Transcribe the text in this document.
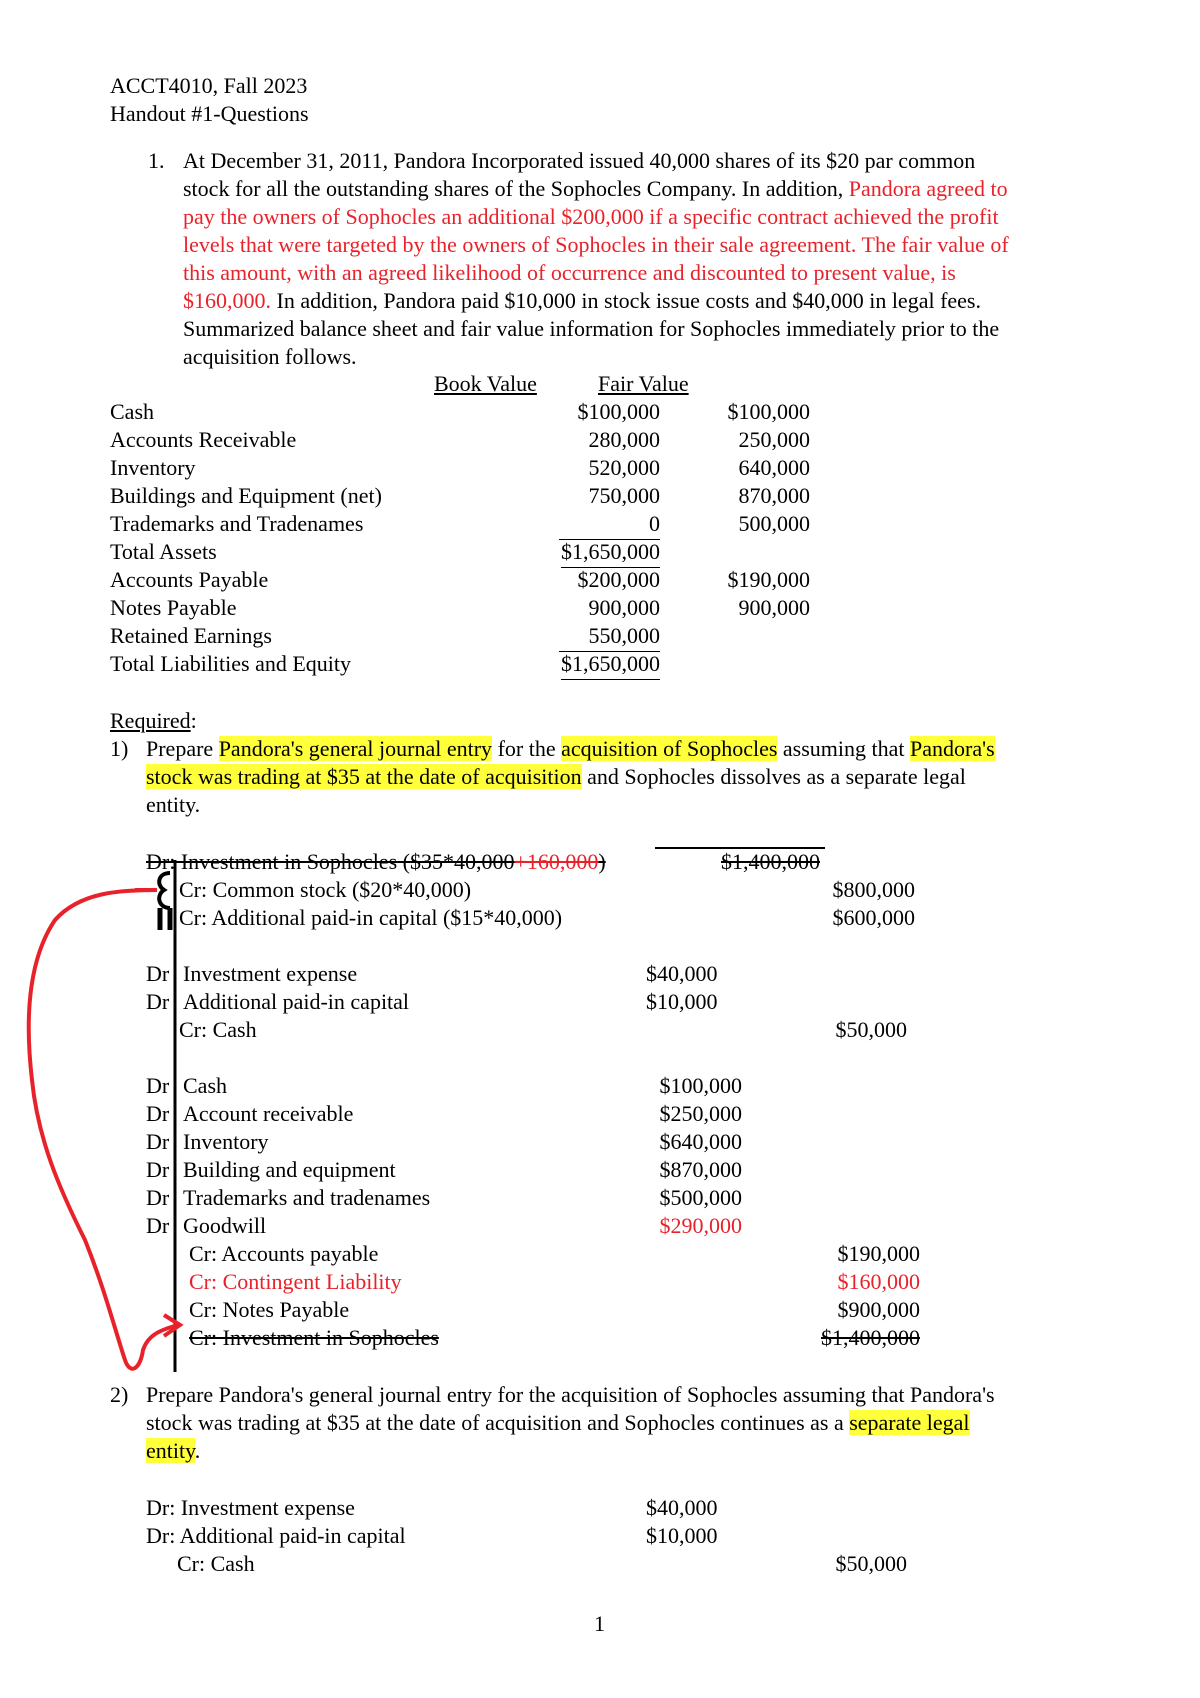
ACCT4010, Fall 2023
Handout #1-Questions
1. At December 31, 2011, Pandora Incorporated issued 40,000 shares of its $20 par common
stock for all the outstanding shares of the Sophocles Company. In addition, Pandora agreed to
pay the owners of Sophocles an additional $200,000 if a specific contract achieved the profit
levels that were targeted by the owners of Sophocles in their sale agreement. The fair value of
this amount, with an agreed likelihood of occurrence and discounted to present value, is
$160,000. In addition, Pandora paid $10,000 in stock issue costs and $40,000 in legal fees.
Summarized balance sheet and fair value information for Sophocles immediately prior to the
acquisition follows.
Book Value	Fair Value
Cash	$100,000	$100,000
Accounts Receivable	280,000	250,000
Inventory	520,000	640,000
Buildings and Equipment (net)	750,000	870,000
Trademarks and Tradenames	0	500,000
Total Assets	$1,650,000
Accounts Payable	$200,000	$190,000
Notes Payable	900,000	900,000
Retained Earnings	550,000
Total Liabilities and Equity	$1,650,000
Required:
1) Prepare Pandora's general journal entry for the acquisition of Sophocles assuming that Pandora's
stock was trading at $35 at the date of acquisition and Sophocles dissolves as a separate legal
entity.
Dr: Investment in Sophocles ($35*40,000+160,000)	$1,400,000
Cr: Common stock ($20*40,000)	$800,000
Cr: Additional paid-in capital ($15*40,000)	$600,000
Dr Investment expense	$40,000
Dr Additional paid-in capital	$10,000
Cr: Cash	$50,000
Dr Cash	$100,000
Dr Account receivable	$250,000
Dr Inventory	$640,000
Dr Building and equipment	$870,000
Dr Trademarks and tradenames	$500,000
Dr Goodwill	$290,000
Cr: Accounts payable	$190,000
Cr: Contingent Liability	$160,000
Cr: Notes Payable	$900,000
Cr: Investment in Sophocles	$1,400,000
2) Prepare Pandora's general journal entry for the acquisition of Sophocles assuming that Pandora's
stock was trading at $35 at the date of acquisition and Sophocles continues as a separate legal
entity.
Dr: Investment expense	$40,000
Dr: Additional paid-in capital	$10,000
Cr: Cash	$50,000
1
